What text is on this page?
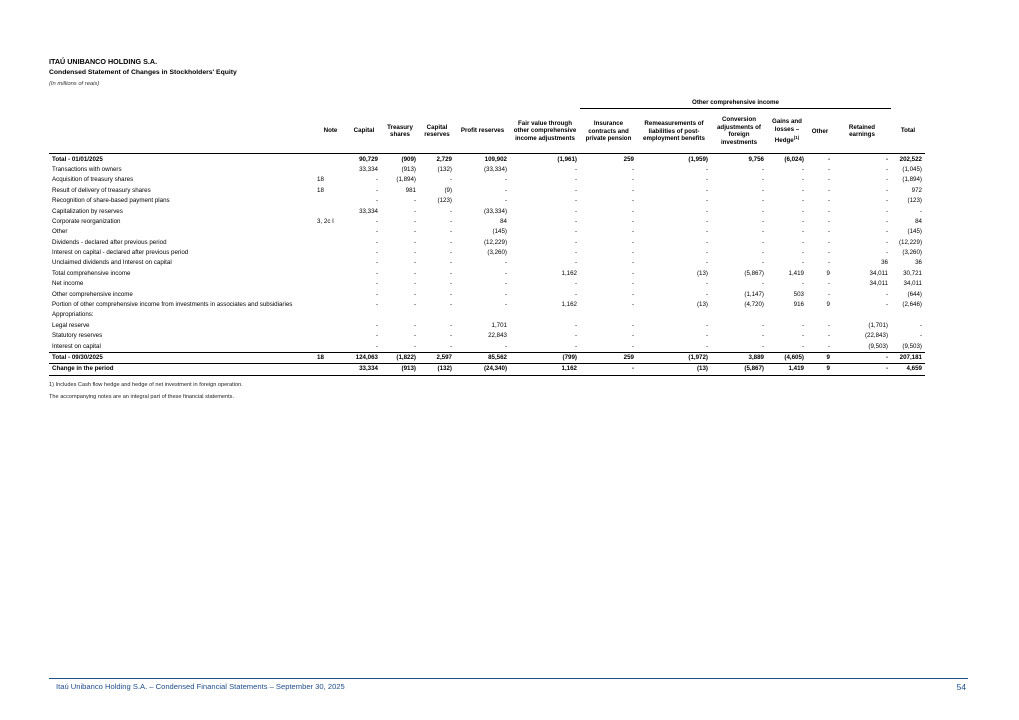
ITAÚ UNIBANCO HOLDING S.A.
Condensed Statement of Changes in Stockholders' Equity
(In millions of reais)
							Other comprehensive income							
	Note	Capital	Treasury shares	Capital reserves	Profit reserves	Fair value through other comprehensive income adjustments	Insurance contracts and private pension	Remeasurements of liabilities of post-employment benefits	Conversion adjustments of foreign investments	Gains and losses – Hedge$^{(1)}$	Other	Retained earnings	Total	
Total - 01/01/2025		90,729	(909)	2,729	109,902	(1,961)	259	(1,959)	9,756	(6,024)	-	-	202,522	
Transactions with owners		33,334	(913)	(132)	(33,334)	-	-	-	-	-	-	-	(1,045)	
Acquisition of treasury shares	18	-	(1,894)	-	-	-	-	-	-	-	-	-	(1,894)	
Result of delivery of treasury shares	18	-	981	(9)	-	-	-	-	-	-	-	-	972	
Recognition of share-based payment plans		-	-	(123)	-	-	-	-	-	-	-	-	(123)	
Capitalization by reserves		33,334	-	-	(33,334)	-	-	-	-	-	-	-	-	
Corporate reorganization	3, 2c I	-	-	-	84	-	-	-	-	-	-	-	84	
Other		-	-	-	(145)	-	-	-	-	-	-	-	(145)	
Dividends - declared after previous period		-	-	-	(12,229)	-	-	-	-	-	-	-	(12,229)	
Interest on capital - declared after previous period		-	-	-	(3,260)	-	-	-	-	-	-	-	(3,260)	
Unclaimed dividends and Interest on capital		-	-	-	-	-	-	-	-	-	-	36	36	
Total comprehensive income		-	-	-	-	1,162	-	(13)	(5,867)	1,419	9	34,011	30,721	
Net income		-	-	-	-	-	-	-	-	-	-	34,011	34,011	
Other comprehensive income		-	-	-	-	-	-	-	(1,147)	503	-	-	(644)	
Portion of other comprehensive income from investments in associates and subsidiaries		-	-	-	-	1,162	-	(13)	(4,720)	916	9	-	(2,646)	
Appropriations:														
Legal reserve		-	-	-	1,701	-	-	-	-	-	-	(1,701)	-	
Statutory reserves		-	-	-	22,843	-	-	-	-	-	-	(22,843)	-	
Interest on capital		-	-	-	-	-	-	-	-	-	-	(9,503)	(9,503)	
Total - 09/30/2025	18	124,063	(1,822)	2,597	85,562	(799)	259	(1,972)	3,889	(4,605)	9	-	207,181	
Change in the period		33,334	(913)	(132)	(24,340)	1,162	-	(13)	(5,867)	1,419	9	-	4,659	
1) Includes Cash flow hedge and hedge of net investment in foreign operation.
The accompanying notes are an integral part of these financial statements.
Itaú Unibanco Holding S.A. – Condensed Financial Statements – September 30, 2025	54
